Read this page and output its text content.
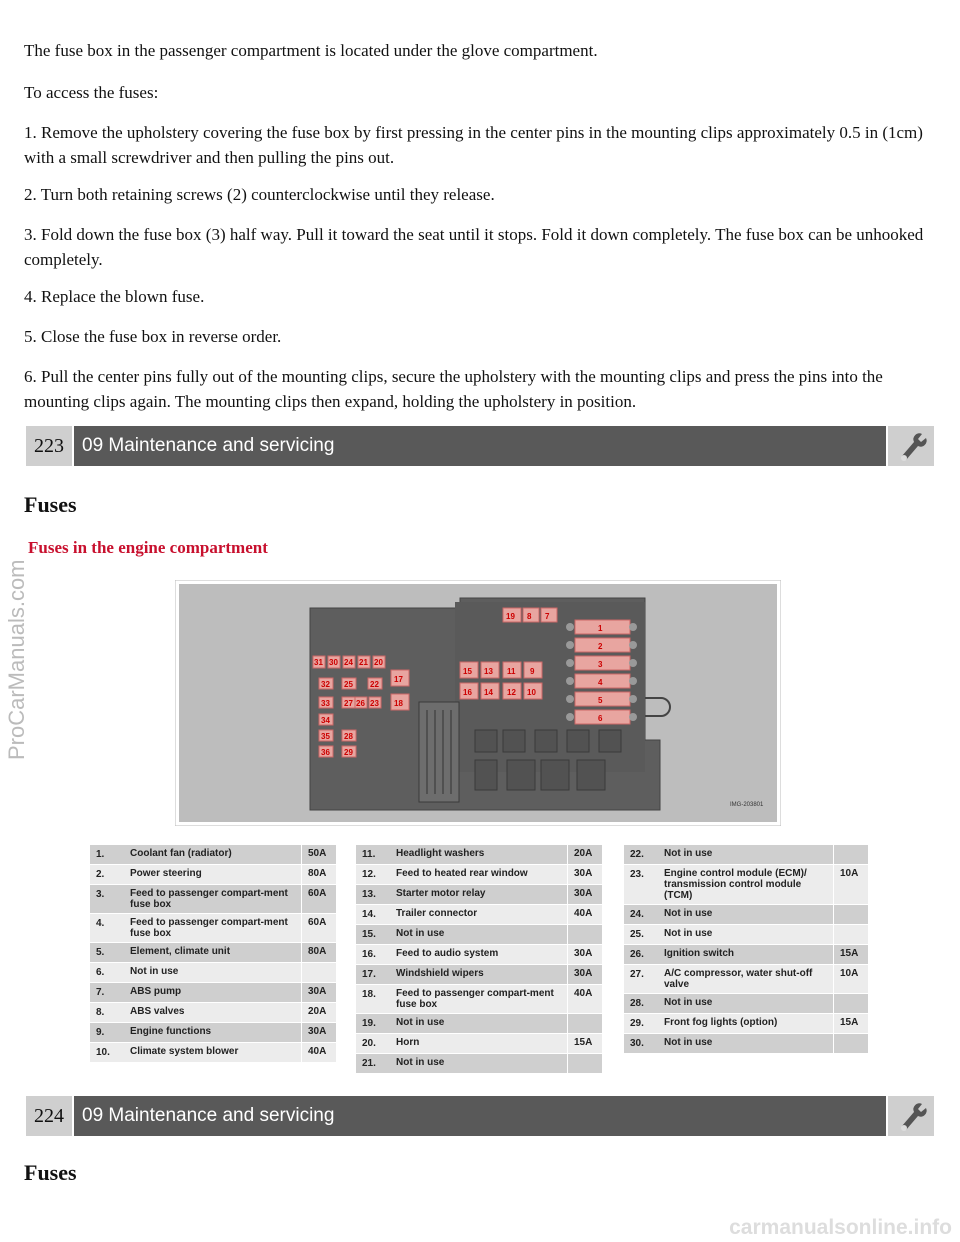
The fuse box in the passenger compartment is located under the glove compartment.

To access the fuses:

1. Remove the upholstery covering the fuse box by first pressing in the center pins in the mounting clips approximately 0.5 in (1cm) with a small screwdriver and then pulling the pins out.

2. Turn both retaining screws (2) counterclockwise until they release.

3. Fold down the fuse box (3) half way. Pull it toward the seat until it stops. Fold it down completely. The fuse box can be unhooked completely.

4. Replace the blown fuse.

5. Close the fuse box in reverse order.

6. Pull the center pins fully out of the mounting clips, secure the upholstery with the mounting clips and press the pins into the mounting clips again. The mounting clips then expand, holding the upholstery in position.

223 09 Maintenance and servicing
Fuses
Fuses in the engine compartment
19 8 7
1
2
3
4
5
6
31 30 24 21 20
32 25 22
33 27 26 23
34
35 28
36 29
15 13 11 9
16 14 12 10
17
18
IMG-203801
1.	Coolant fan (radiator)	50A
2.	Power steering	80A
3.	Feed to passenger compart-ment fuse box
60A
4.	Feed to passenger compart-ment fuse box
60A
5.	Element, climate unit	80A
6.	Not in use
7.	ABS pump	30A
8.	ABS valves	20A
9.	Engine functions	30A
10.	Climate system blower	40A
11.	Headlight washers	20A
12.	Feed to heated rear window	30A
13.	Starter motor relay	30A
14.	Trailer connector	40A
15.	Not in use
16.	Feed to audio system	30A
17.	Windshield wipers	30A
18.	Feed to passenger compart-ment fuse box
40A
19.	Not in use
20.	Horn	15A
21.	Not in use
22.	Not in use
23.	Engine control module (ECM)/ transmission control module (TCM)
10A
24.	Not in use
25.	Not in use
26.	Ignition switch	15A
27.	A/C compressor, water shut-off valve
10A
28.	Not in use
29.	Front fog lights (option)	15A
30.	Not in use
224 09 Maintenance and servicing
Fuses
ProCarManuals.com
carmanualsonline.info
